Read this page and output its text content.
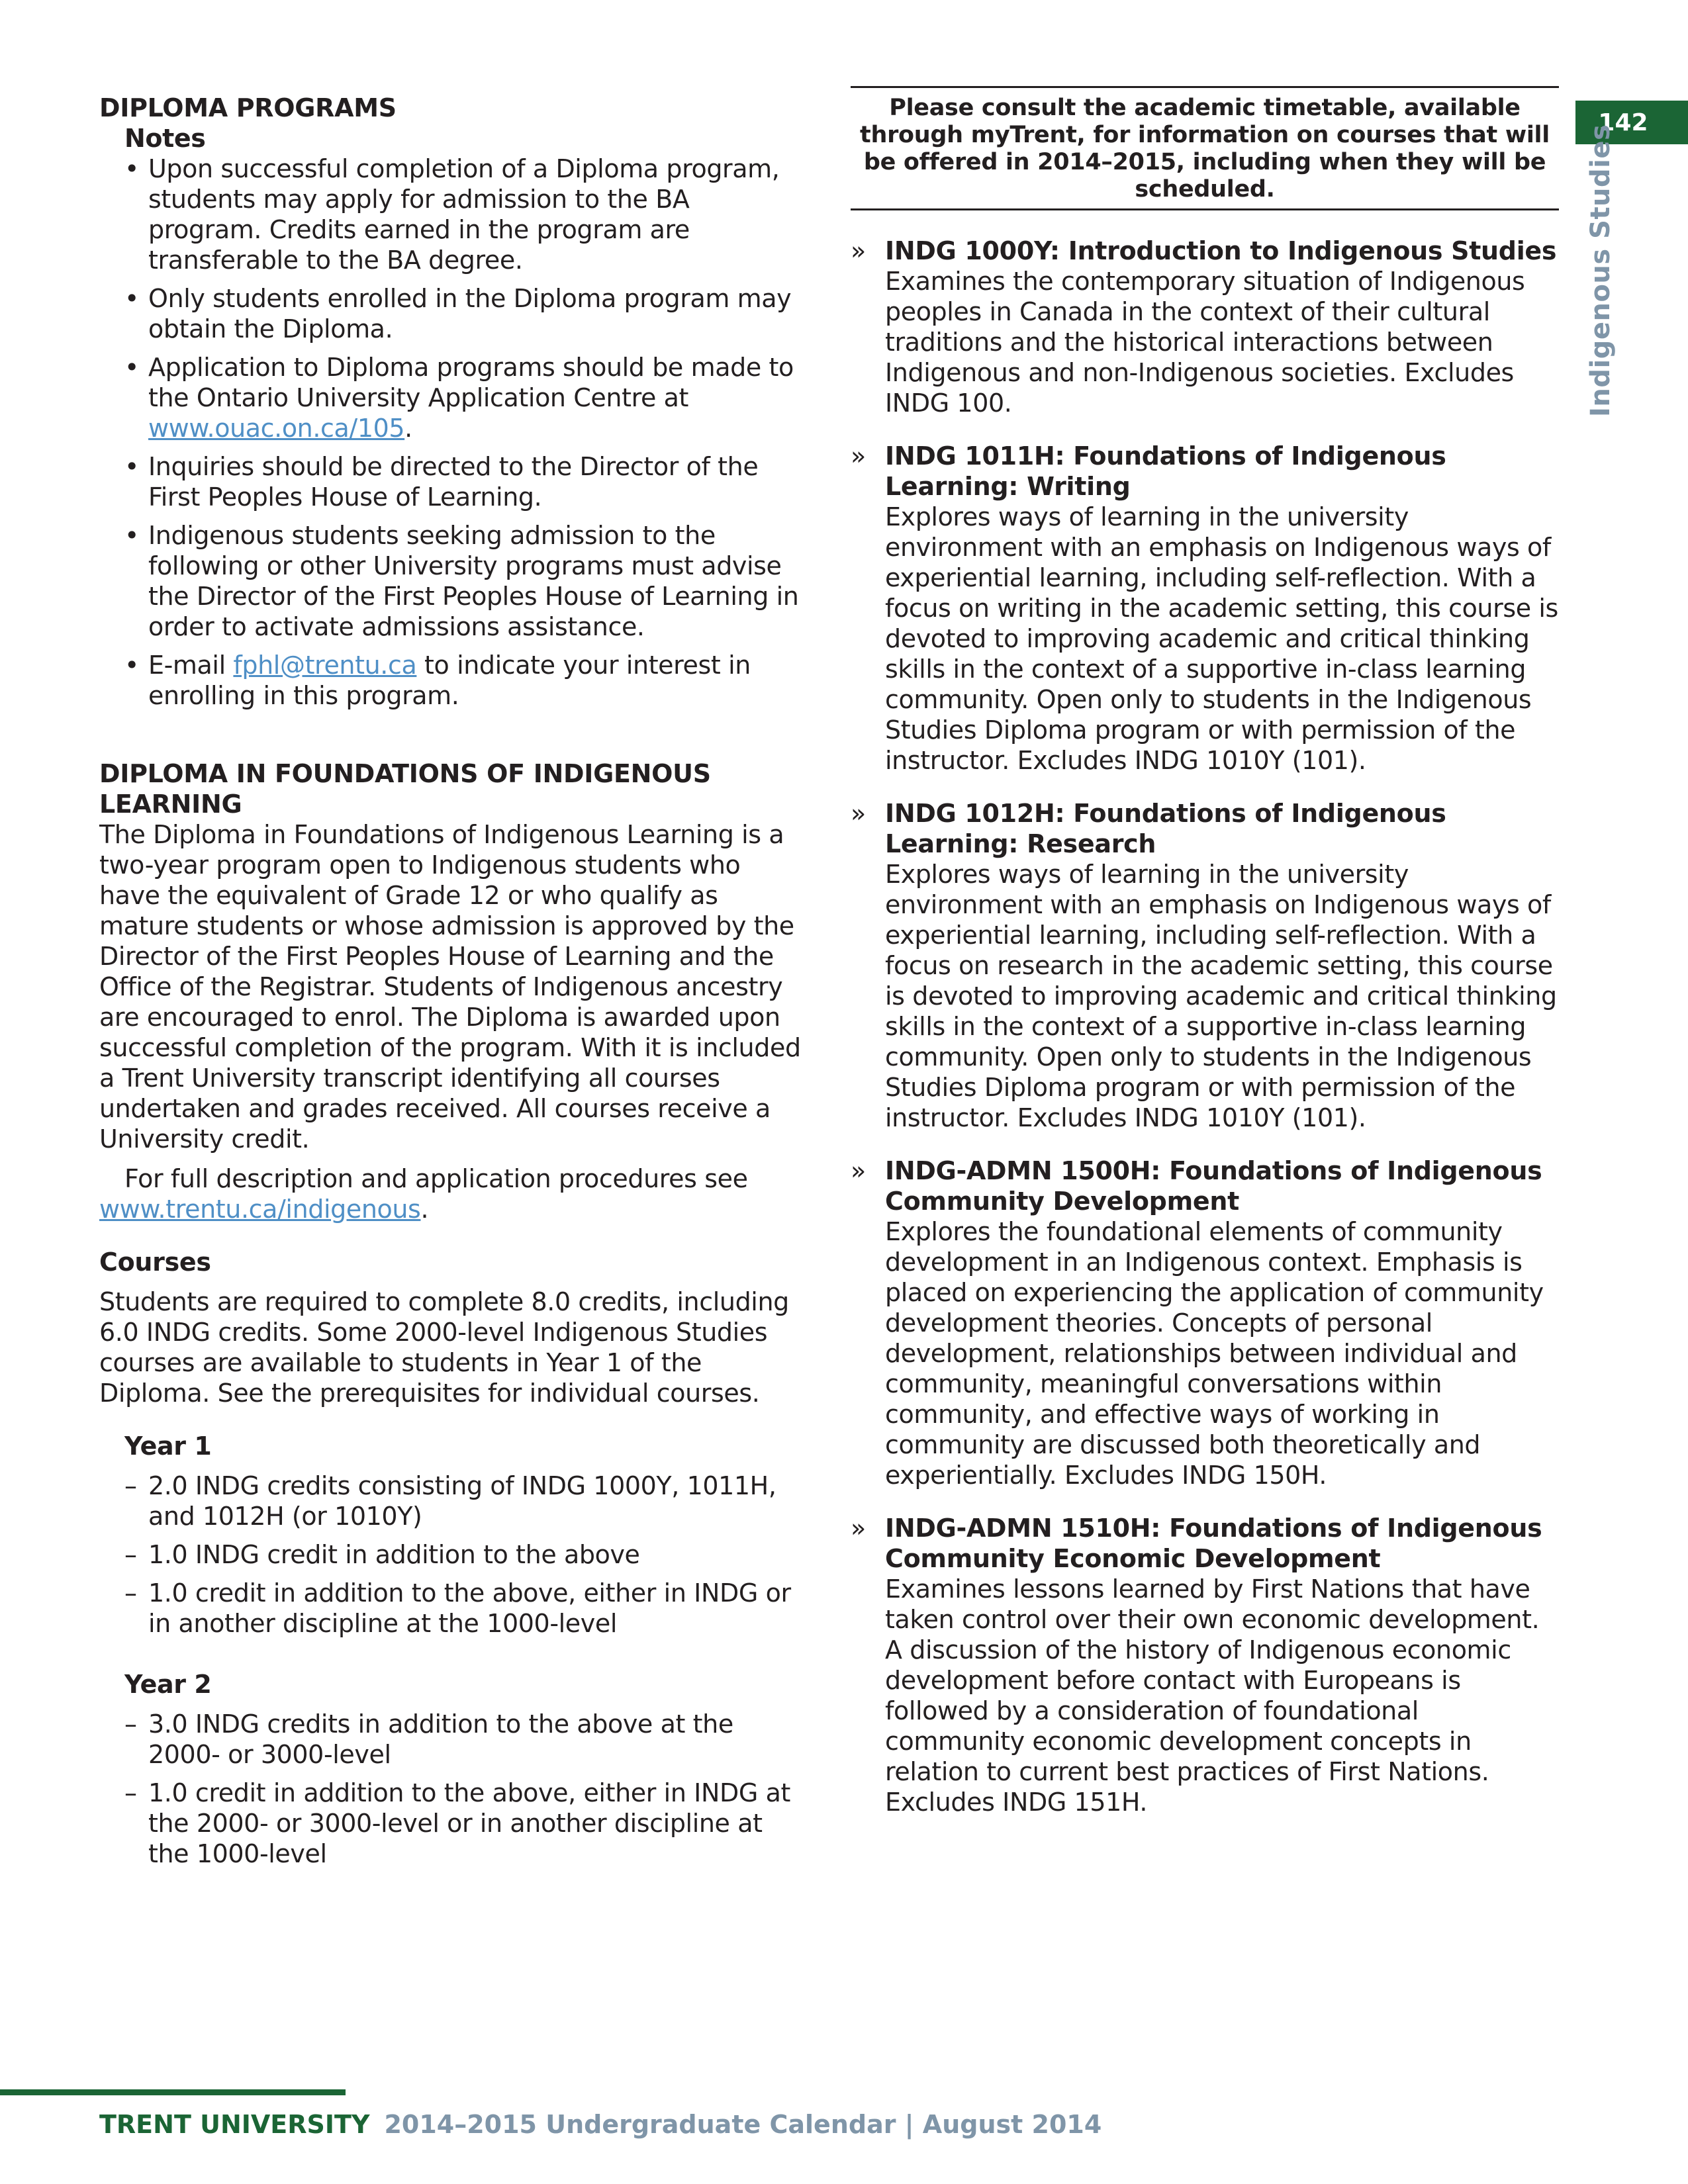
142
Indigenous Studies
DIPLOMA PROGRAMS
Notes
• Upon successful completion of a Diploma program, students may apply for admission to the BA program. Credits earned in the program are transferable to the BA degree.
• Only students enrolled in the Diploma program may obtain the Diploma.
• Application to Diploma programs should be made to the Ontario University Application Centre at www.ouac.on.ca/105.
• Inquiries should be directed to the Director of the First Peoples House of Learning.
• Indigenous students seeking admission to the following or other University programs must advise the Director of the First Peoples House of Learning in order to activate admissions assistance.
• E-mail fphl@trentu.ca to indicate your interest in enrolling in this program.
DIPLOMA IN FOUNDATIONS OF INDIGENOUS
LEARNING

The Diploma in Foundations of Indigenous Learning is a two-year program open to Indigenous students who have the equivalent of Grade 12 or who qualify as mature students or whose admission is approved by the Director of the First Peoples House of Learning and the Office of the Registrar. Students of Indigenous ancestry are encouraged to enrol. The Diploma is awarded upon successful completion of the program. With it is included a Trent University transcript identifying all courses undertaken and grades received. All courses receive a University credit.

For full description and application procedures see www.trentu.ca/indigenous.

Courses

Students are required to complete 8.0 credits, including 6.0 INDG credits. Some 2000-level Indigenous Studies courses are available to students in Year 1 of the Diploma. See the prerequisites for individual courses.

Year 1
– 2.0 INDG credits consisting of INDG 1000Y, 1011H, and 1012H (or 1010Y)
– 1.0 INDG credit in addition to the above
– 1.0 credit in addition to the above, either in INDG or in another discipline at the 1000-level
Year 2
– 3.0 INDG credits in addition to the above at the 2000- or 3000-level
– 1.0 credit in addition to the above, either in INDG at the 2000- or 3000-level or in another discipline at the 1000-level
Please consult the academic timetable, available through myTrent, for information on courses that will be offered in 2014–2015, including when they will be scheduled.
» INDG 1000Y: Introduction to Indigenous Studies
Examines the contemporary situation of Indigenous peoples in Canada in the context of their cultural traditions and the historical interactions between Indigenous and non-Indigenous societies. Excludes INDG 100.
» INDG 1011H: Foundations of Indigenous Learning: Writing
Explores ways of learning in the university environment with an emphasis on Indigenous ways of experiential learning, including self-reflection. With a focus on writing in the academic setting, this course is devoted to improving academic and critical thinking skills in the context of a supportive in-class learning community. Open only to students in the Indigenous Studies Diploma program or with permission of the instructor. Excludes INDG 1010Y (101).
» INDG 1012H: Foundations of Indigenous Learning: Research
Explores ways of learning in the university environment with an emphasis on Indigenous ways of experiential learning, including self-reflection. With a focus on research in the academic setting, this course is devoted to improving academic and critical thinking skills in the context of a supportive in-class learning community. Open only to students in the Indigenous Studies Diploma program or with permission of the instructor. Excludes INDG 1010Y (101).
» INDG-ADMN 1500H: Foundations of Indigenous Community Development
Explores the foundational elements of community development in an Indigenous context. Emphasis is placed on experiencing the application of community development theories. Concepts of personal development, relationships between individual and community, meaningful conversations within community, and effective ways of working in community are discussed both theoretically and experientially. Excludes INDG 150H.
» INDG-ADMN 1510H: Foundations of Indigenous Community Economic Development
Examines lessons learned by First Nations that have taken control over their own economic development. A discussion of the history of Indigenous economic development before contact with Europeans is followed by a consideration of foundational community economic development concepts in relation to current best practices of First Nations. Excludes INDG 151H.
TRENT UNIVERSITY 2014–2015 Undergraduate Calendar | August 2014
